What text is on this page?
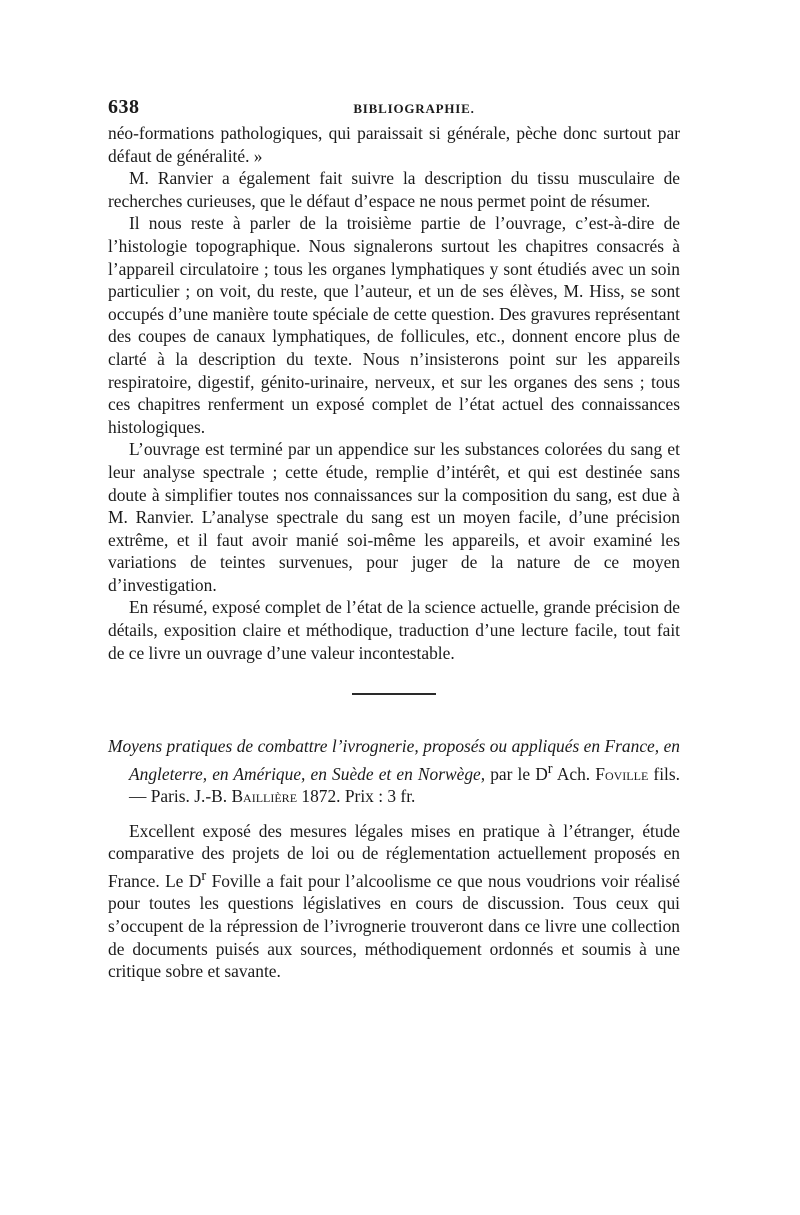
638	BIBLIOGRAPHIE.

néo-formations pathologiques, qui paraissait si générale, pèche donc surtout par défaut de généralité. »

M. Ranvier a également fait suivre la description du tissu musculaire de recherches curieuses, que le défaut d’espace ne nous permet point de résumer.

Il nous reste à parler de la troisième partie de l’ouvrage, c’est-à-dire de l’histologie topographique. Nous signalerons surtout les chapitres consacrés à l’appareil circulatoire ; tous les organes lymphatiques y sont étudiés avec un soin particulier ; on voit, du reste, que l’auteur, et un de ses élèves, M. Hiss, se sont occupés d’une manière toute spéciale de cette question. Des gravures représentant des coupes de canaux lymphatiques, de follicules, etc., donnent encore plus de clarté à la description du texte. Nous n’insisterons point sur les appareils respiratoire, digestif, génito-urinaire, nerveux, et sur les organes des sens ; tous ces chapitres renferment un exposé complet de l’état actuel des connaissances histologiques.

L’ouvrage est terminé par un appendice sur les substances colorées du sang et leur analyse spectrale ; cette étude, remplie d’intérêt, et qui est destinée sans doute à simplifier toutes nos connaissances sur la composition du sang, est due à M. Ranvier. L’analyse spectrale du sang est un moyen facile, d’une précision extrême, et il faut avoir manié soi-même les appareils, et avoir examiné les variations de teintes survenues, pour juger de la nature de ce moyen d’investigation.

En résumé, exposé complet de l’état de la science actuelle, grande précision de détails, exposition claire et méthodique, traduction d’une lecture facile, tout fait de ce livre un ouvrage d’une valeur incontestable.

Moyens pratiques de combattre l’ivrognerie, proposés ou appliqués en France, en Angleterre, en Amérique, en Suède et en Norwège, par le $D^r$ Ach. Foville fils. — Paris. J.-B. Baillière 1872. Prix : 3 fr.

Excellent exposé des mesures légales mises en pratique à l’étranger, étude comparative des projets de loi ou de réglementation actuellement proposés en France. Le $D^r$ Foville a fait pour l’alcoolisme ce que nous voudrions voir réalisé pour toutes les questions législatives en cours de discussion. Tous ceux qui s’occupent de la répression de l’ivrognerie trouveront dans ce livre une collection de documents puisés aux sources, méthodiquement ordonnés et soumis à une critique sobre et savante.
